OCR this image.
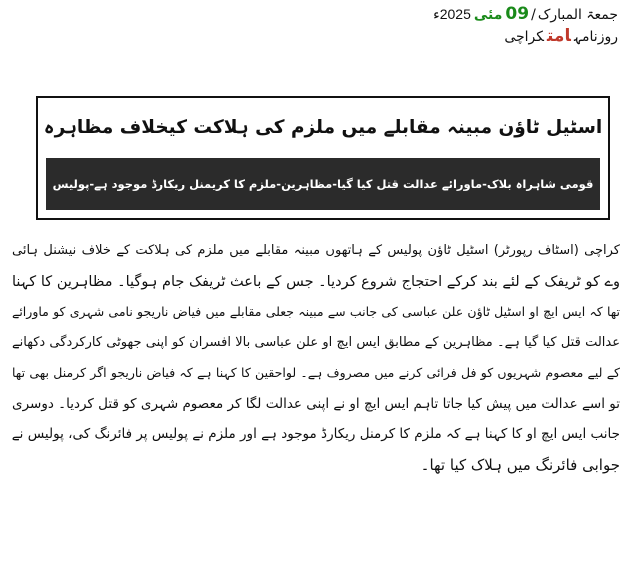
جمعۃ المبارک/09مئی2025ء
روزنامہامتکراچی
اسٹیل ٹاؤن مبینہ مقابلے میں ملزم کی ہلاکت کیخلاف مظاہرہ
قومی شاہراہ بلاک-ماورائے عدالت قتل کیا گیا-مظاہرین-ملزم کا کریمنل ریکارڈ موجود ہے-پولیس
کراچی (اسٹاف رپورٹر) اسٹیل ٹاؤن پولیس کے ہاتھوں مبینہ مقابلے میں ملزم کی ہلاکت کے خلاف نیشنل ہائی
وے کو ٹریفک کے لئے بند کرکے احتجاج شروع کردیا۔ جس کے باعث ٹریفک جام ہوگیا۔ مظاہرین کا کہنا
تھا کہ ایس ایچ او اسٹیل ٹاؤن علن عباسی کی جانب سے مبینہ جعلی مقابلے میں فیاض ناریجو نامی شہری کو ماورائے
عدالت قتل کیا گیا ہے۔ مظاہرین کے مطابق ایس ایچ او علن عباسی بالا افسران کو اپنی جھوٹی کارکردگی دکھانے
کے لیے معصوم شہریوں کو فل فرائی کرنے میں مصروف ہے۔ لواحقین کا کہنا ہے کہ فیاض ناریجو اگر کرمنل بھی تھا
تو اسے عدالت میں پیش کیا جاتا تاہم ایس ایچ او نے اپنی عدالت لگا کر معصوم شہری کو قتل کردیا۔ دوسری
جانب ایس ایچ او کا کہنا ہے کہ ملزم کا کرمنل ریکارڈ موجود ہے اور ملزم نے پولیس پر فائرنگ کی، پولیس نے
جوابی فائرنگ میں ہلاک کیا تھا۔
